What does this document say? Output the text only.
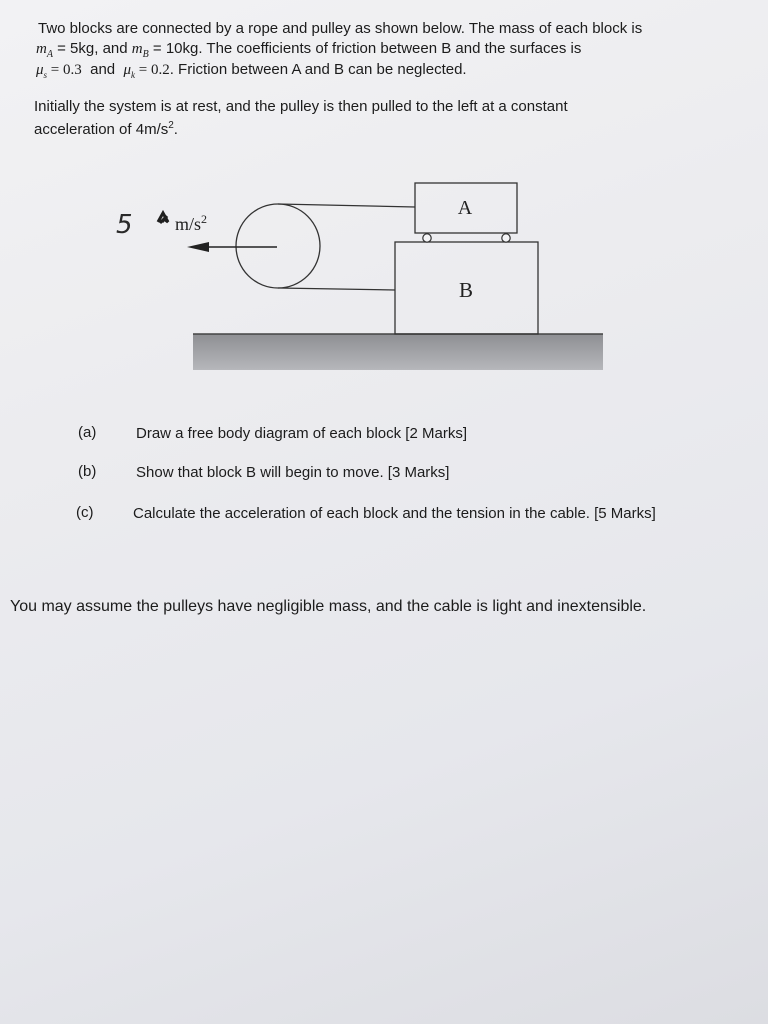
Two blocks are connected by a rope and pulley as shown below. The mass of each block is
$m_A = 5kg$, and $m_B = 10kg$. The coefficients of friction between B and the surfaces is
$\mu_s = 0.3$  and  $\mu_k = 0.2$. Friction between A and B can be neglected.
Initially the system is at rest, and the pulley is then pulled to the left at a constant
acceleration of $4m/s^2$.
B
A
5 $m/s^2$
(a)	Draw a free body diagram of each block [2 Marks]
(b)	Show that block B will begin to move. [3 Marks]
(c)	Calculate the acceleration of each block and the tension in the cable. [5 Marks]
You may assume the pulleys have negligible mass, and the cable is light and inextensible.
